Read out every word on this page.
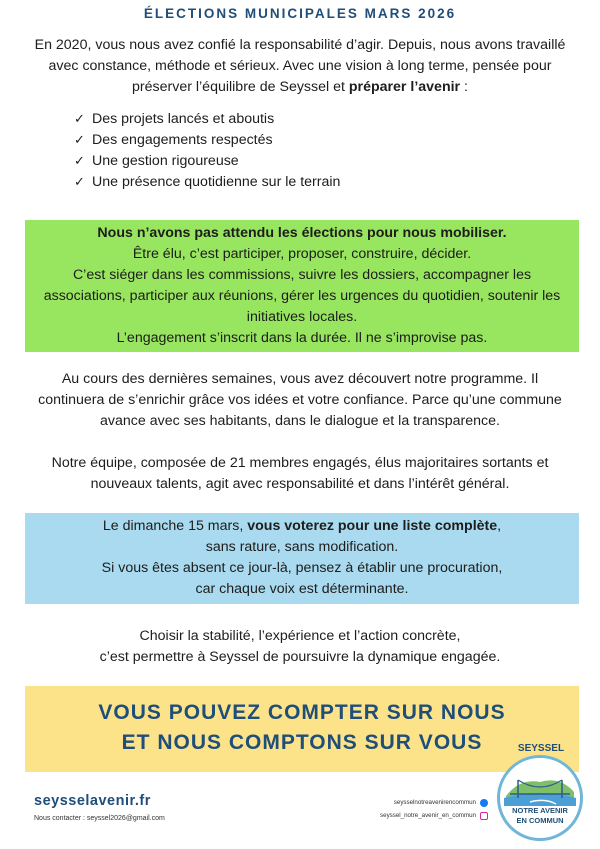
ÉLECTIONS MUNICIPALES MARS 2026

En 2020, vous nous avez confié la responsabilité d’agir. Depuis, nous avons travaillé avec constance, méthode et sérieux. Avec une vision à long terme, pensée pour préserver l’équilibre de Seyssel et préparer l’avenir :

✓ Des projets lancés et aboutis
✓ Des engagements respectés
✓ Une gestion rigoureuse
✓ Une présence quotidienne sur le terrain
Nous n’avons pas attendu les élections pour nous mobiliser.
Être élu, c’est participer, proposer, construire, décider.
C’est siéger dans les commissions, suivre les dossiers, accompagner les associations, participer aux réunions, gérer les urgences du quotidien, soutenir les initiatives locales.
L’engagement s’inscrit dans la durée. Il ne s’improvise pas.

Au cours des dernières semaines, vous avez découvert notre programme. Il continuera de s’enrichir grâce vos idées et votre confiance. Parce qu’une commune avance avec ses habitants, dans le dialogue et la transparence.

Notre équipe, composée de 21 membres engagés, élus majoritaires sortants et nouveaux talents, agit avec responsabilité et dans l’intérêt général.

Le dimanche 15 mars, vous voterez pour une liste complète,
sans rature, sans modification.
Si vous êtes absent ce jour-là, pensez à établir une procuration,
car chaque voix est déterminante.
Choisir la stabilité, l’expérience et l’action concrète,
c’est permettre à Seyssel de poursuivre la dynamique engagée.
VOUS POUVEZ COMPTER SUR NOUS
ET NOUS COMPTONS SUR VOUS
seysselavenir.fr
Nous contacter : seyssel2026@gmail.com
seysselnotreavenirencommun
seyssel_notre_avenir_en_commun
SEYSSEL
NOTRE AVENIR
EN COMMUN
